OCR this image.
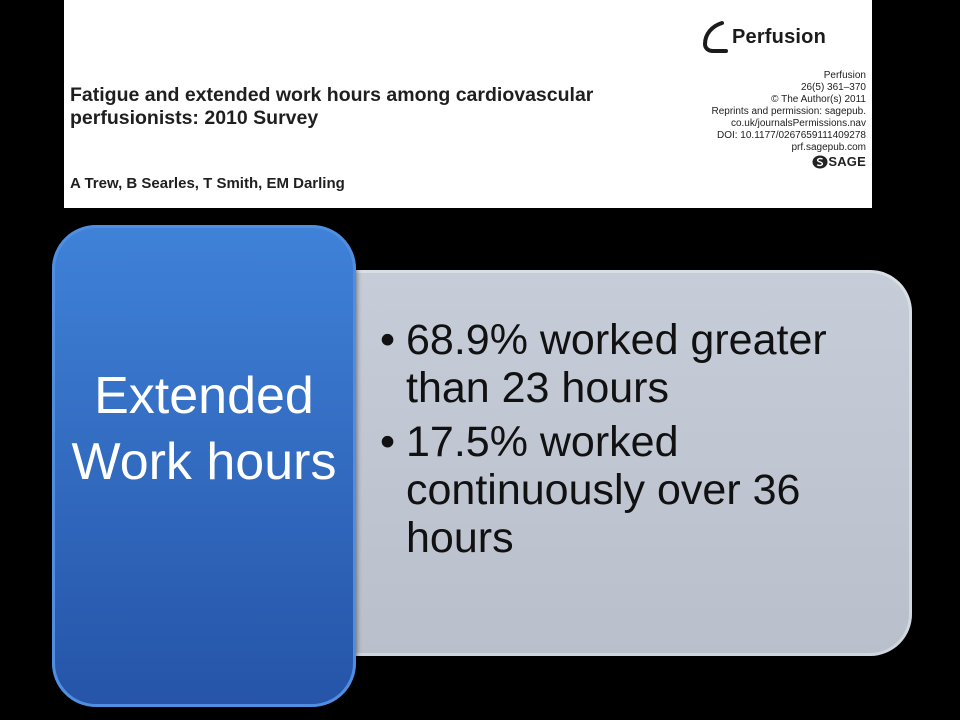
Perfusion
Fatigue and extended work hours among cardiovascular perfusionists: 2010 Survey
A Trew, B Searles, T Smith, EM Darling
Perfusion
26(5) 361–370
© The Author(s) 2011
Reprints and permission: sagepub.
co.uk/journalsPermissions.nav
DOI: 10.1177/0267659111409278
prf.sagepub.com
SAGE
• 68.9% worked greater than 23 hours
• 17.5% worked continuously over 36 hours
Extended Work hours
